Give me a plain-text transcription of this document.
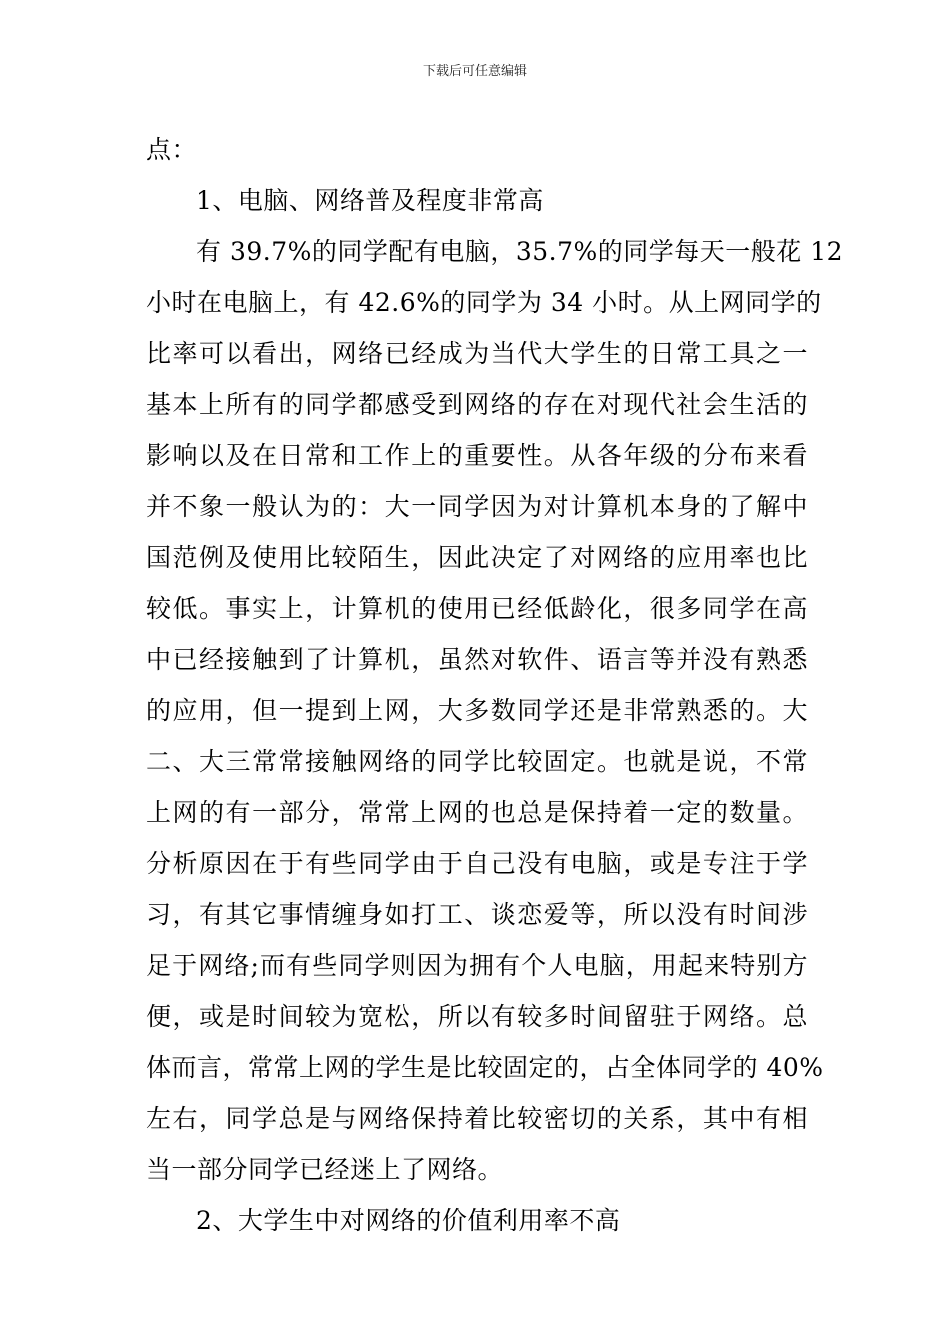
下载后可任意编辑
点：
1、电脑、网络普及程度非常高
有 39.7%的同学配有电脑，35.7%的同学每天一般花 12
小时在电脑上，有 42.6%的同学为 34 小时。从上网同学的
比率可以看出，网络已经成为当代大学生的日常工具之一
基本上所有的同学都感受到网络的存在对现代社会生活的
影响以及在日常和工作上的重要性。从各年级的分布来看
并不象一般认为的：大一同学因为对计算机本身的了解中
国范例及使用比较陌生，因此决定了对网络的应用率也比
较低。事实上，计算机的使用已经低龄化，很多同学在高
中已经接触到了计算机，虽然对软件、语言等并没有熟悉
的应用，但一提到上网，大多数同学还是非常熟悉的。大
二、大三常常接触网络的同学比较固定。也就是说，不常
上网的有一部分，常常上网的也总是保持着一定的数量。
分析原因在于有些同学由于自己没有电脑，或是专注于学
习，有其它事情缠身如打工、谈恋爱等，所以没有时间涉
足于网络;而有些同学则因为拥有个人电脑，用起来特别方
便，或是时间较为宽松，所以有较多时间留驻于网络。总
体而言，常常上网的学生是比较固定的，占全体同学的 40%
左右，同学总是与网络保持着比较密切的关系，其中有相
当一部分同学已经迷上了网络。
2、大学生中对网络的价值利用率不高
